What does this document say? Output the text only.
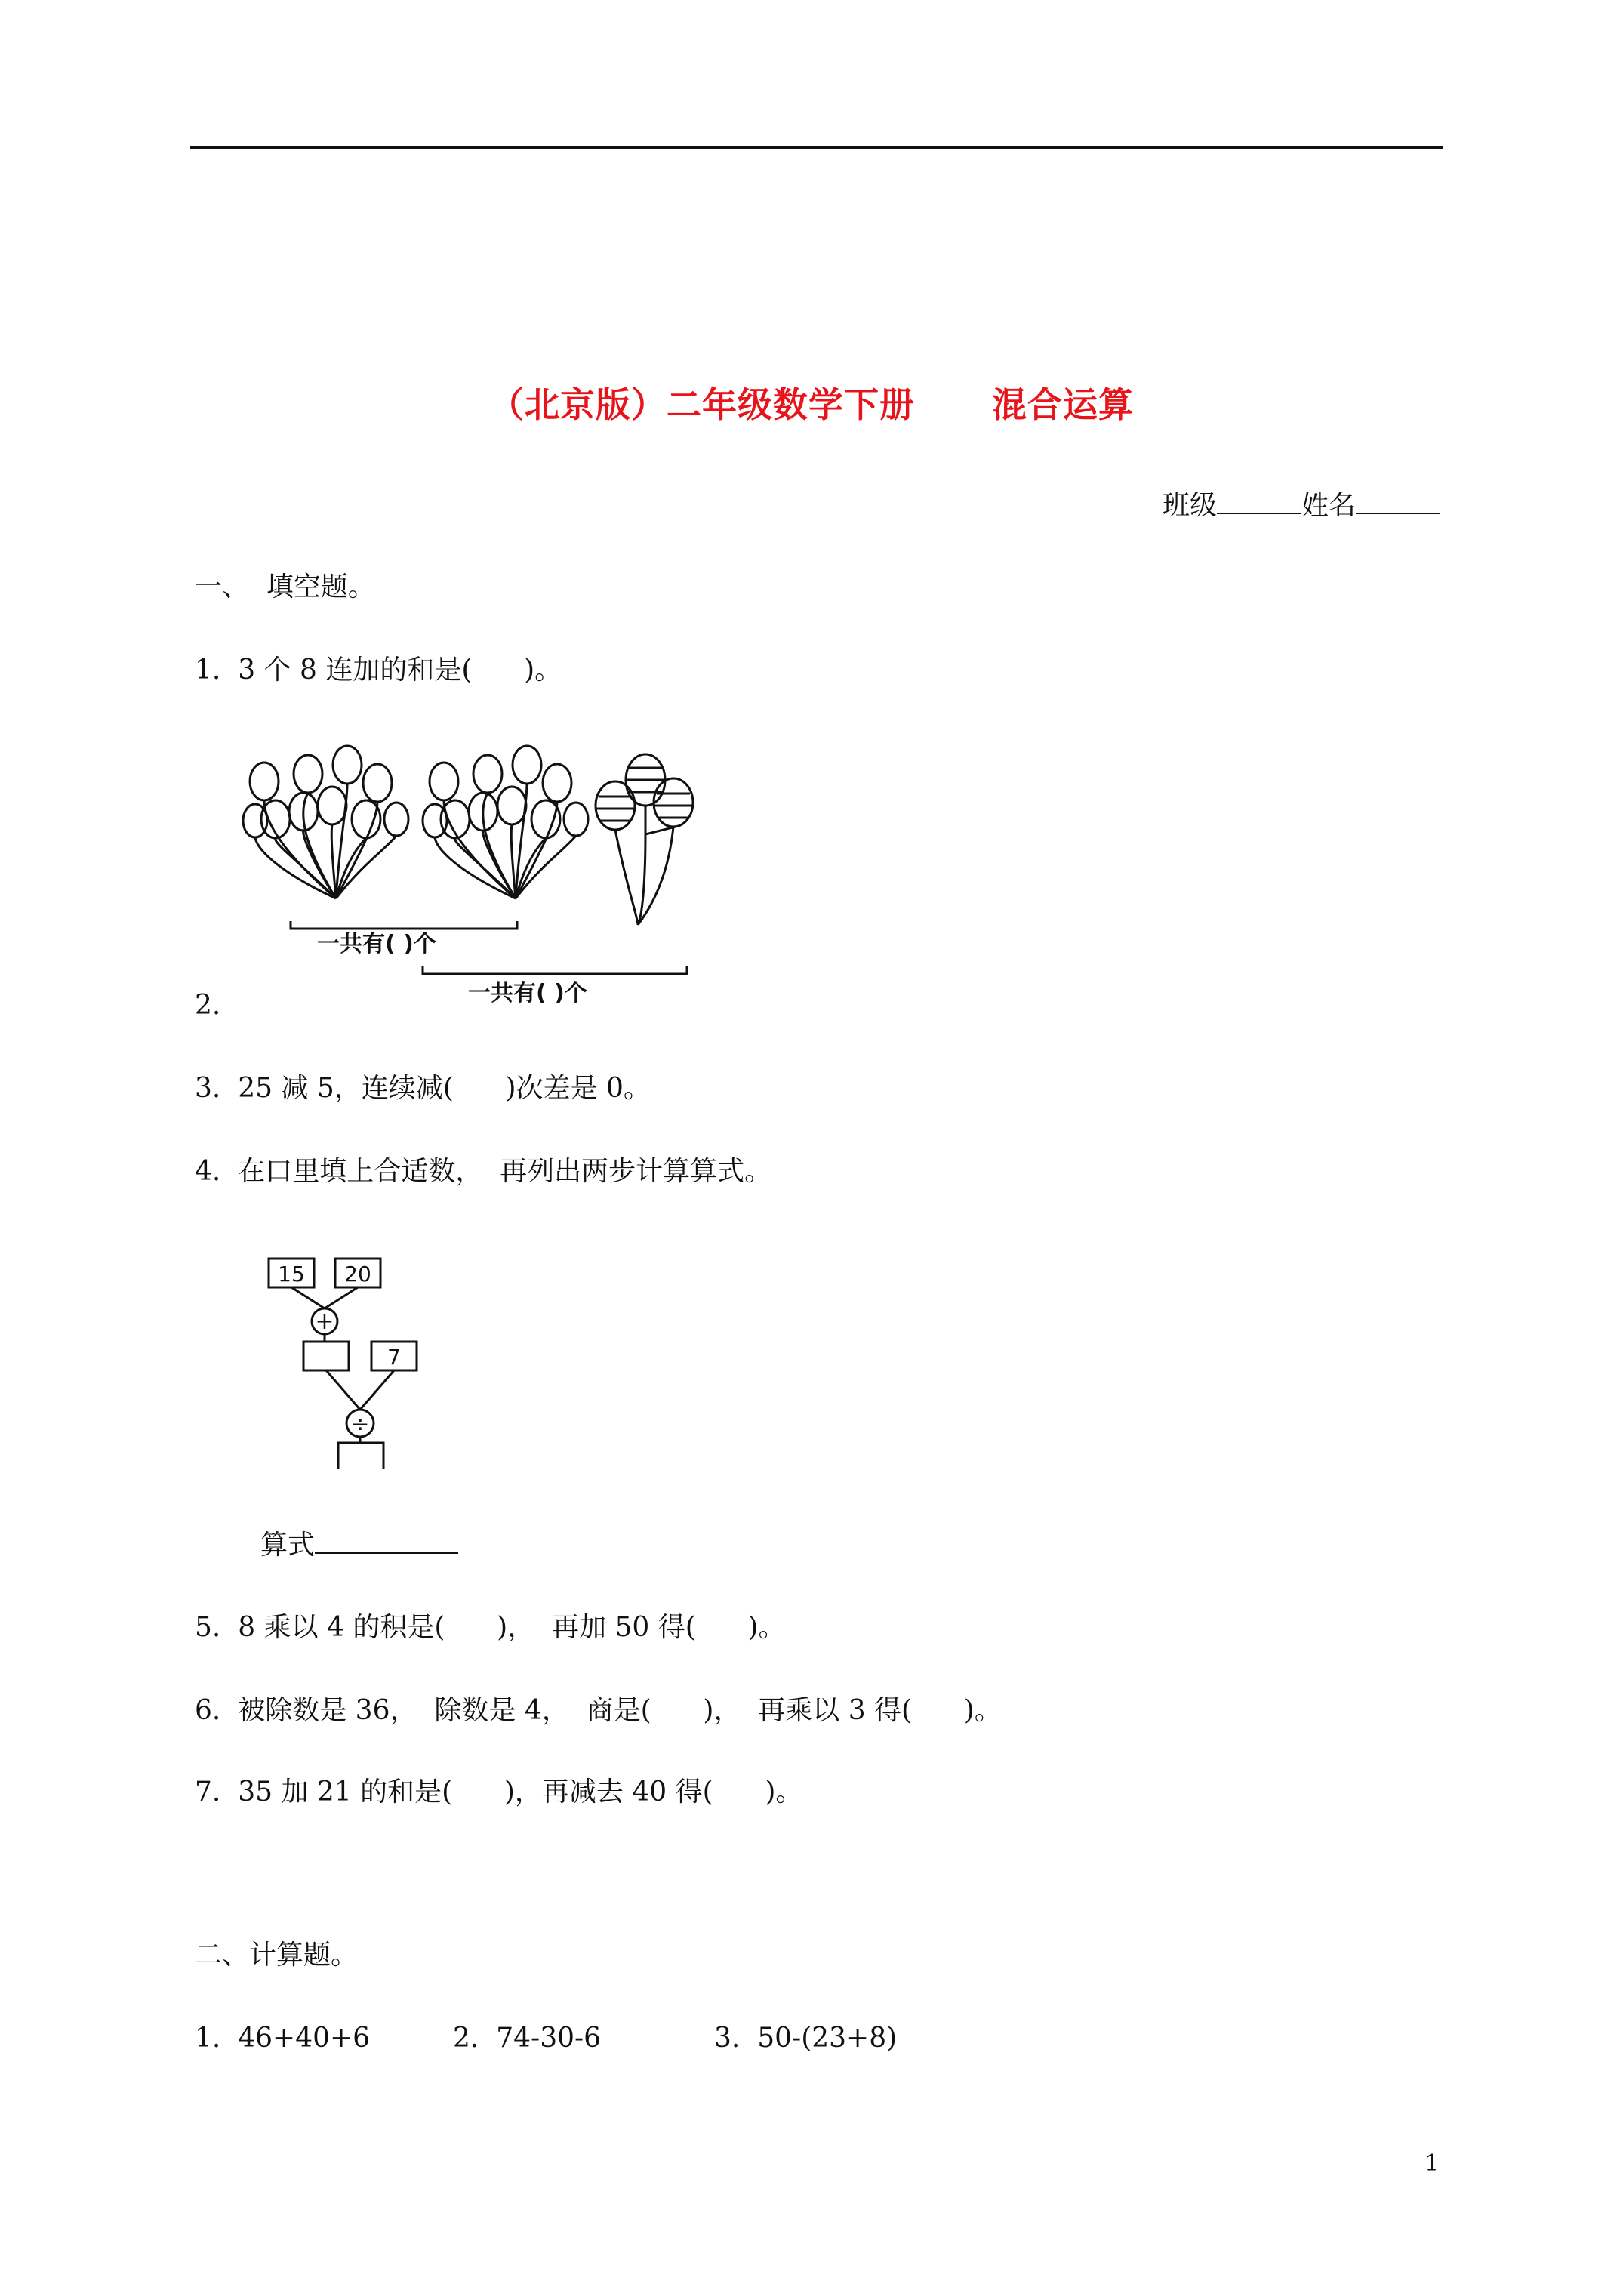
（北京版）二年级数学下册      混合运算
班级	姓名
一、  填空题。
1.  3 个 8 连加的和是(      )。
一共有( )个
一共有( )个
2.
3.  25 减 5，连续减(      )次差是 0。
4.  在口里填上合适数，  再列出两步计算算式。
15 20
+
7
÷
算式
5.  8 乘以 4 的积是(      )，  再加 50 得(      )。
6.  被除数是 36，  除数是 4，  商是(      )，  再乘以 3 得(      )。
7.  35 加 21 的和是(      )，再减去 40 得(      )。
二、计算题。
1.  46+40+6	2.  74-30-6	3.  50-(23+8)
1
